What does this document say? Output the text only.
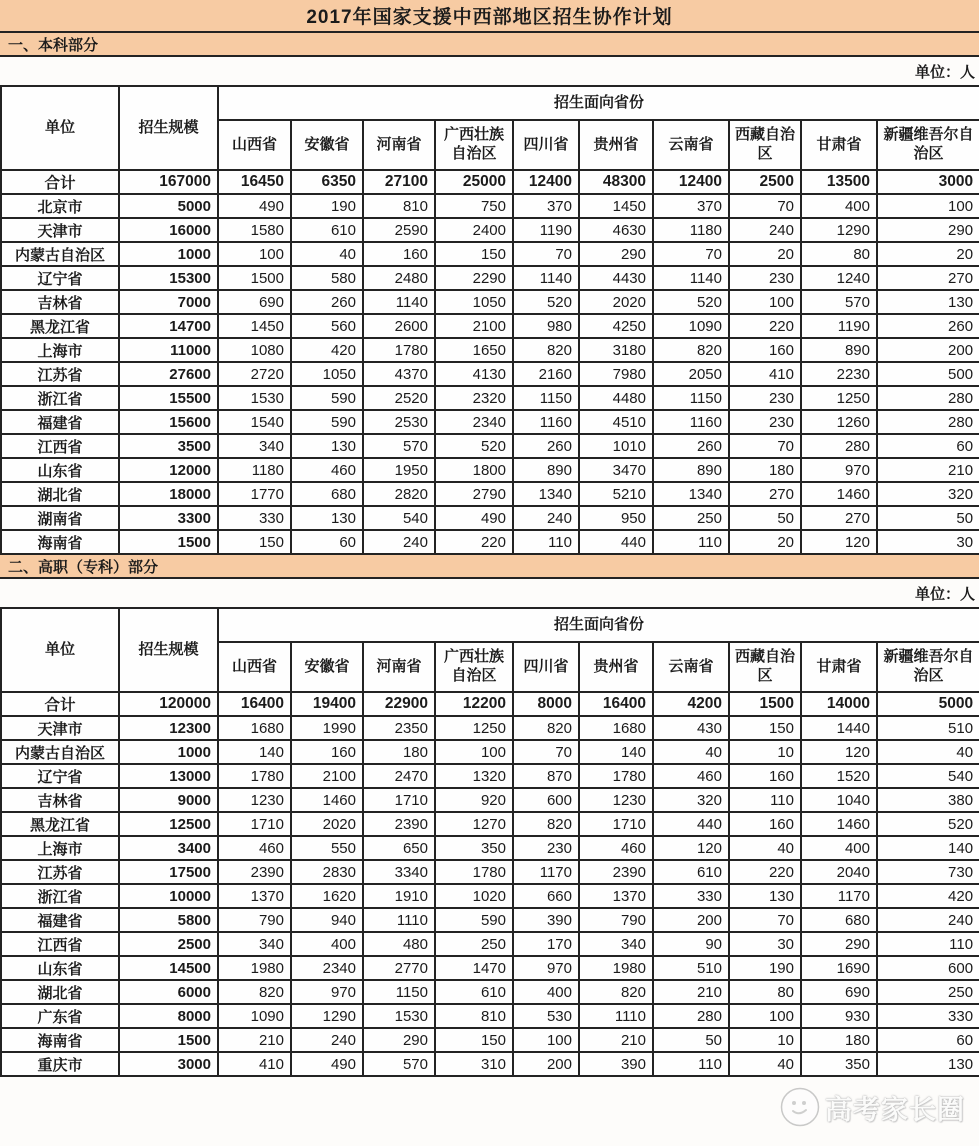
2017年国家支援中西部地区招生协作计划
一、本科部分
单位：人
单位	招生规模	招生面向省份									
		山西省	安徽省	河南省	广西壮族自治区	四川省	贵州省	云南省	西藏自治区	甘肃省	新疆维吾尔自治区
合计	167000	16450	6350	27100	25000	12400	48300	12400	2500	13500	3000
北京市	5000	490	190	810	750	370	1450	370	70	400	100
天津市	16000	1580	610	2590	2400	1190	4630	1180	240	1290	290
内蒙古自治区	1000	100	40	160	150	70	290	70	20	80	20
辽宁省	15300	1500	580	2480	2290	1140	4430	1140	230	1240	270
吉林省	7000	690	260	1140	1050	520	2020	520	100	570	130
黑龙江省	14700	1450	560	2600	2100	980	4250	1090	220	1190	260
上海市	11000	1080	420	1780	1650	820	3180	820	160	890	200
江苏省	27600	2720	1050	4370	4130	2160	7980	2050	410	2230	500
浙江省	15500	1530	590	2520	2320	1150	4480	1150	230	1250	280
福建省	15600	1540	590	2530	2340	1160	4510	1160	230	1260	280
江西省	3500	340	130	570	520	260	1010	260	70	280	60
山东省	12000	1180	460	1950	1800	890	3470	890	180	970	210
湖北省	18000	1770	680	2820	2790	1340	5210	1340	270	1460	320
湖南省	3300	330	130	540	490	240	950	250	50	270	50
海南省	1500	150	60	240	220	110	440	110	20	120	30
二、高职（专科）部分
单位：人
单位	招生规模	招生面向省份									
		山西省	安徽省	河南省	广西壮族自治区	四川省	贵州省	云南省	西藏自治区	甘肃省	新疆维吾尔自治区
合计	120000	16400	19400	22900	12200	8000	16400	4200	1500	14000	5000
天津市	12300	1680	1990	2350	1250	820	1680	430	150	1440	510
内蒙古自治区	1000	140	160	180	100	70	140	40	10	120	40
辽宁省	13000	1780	2100	2470	1320	870	1780	460	160	1520	540
吉林省	9000	1230	1460	1710	920	600	1230	320	110	1040	380
黑龙江省	12500	1710	2020	2390	1270	820	1710	440	160	1460	520
上海市	3400	460	550	650	350	230	460	120	40	400	140
江苏省	17500	2390	2830	3340	1780	1170	2390	610	220	2040	730
浙江省	10000	1370	1620	1910	1020	660	1370	330	130	1170	420
福建省	5800	790	940	1110	590	390	790	200	70	680	240
江西省	2500	340	400	480	250	170	340	90	30	290	110
山东省	14500	1980	2340	2770	1470	970	1980	510	190	1690	600
湖北省	6000	820	970	1150	610	400	820	210	80	690	250
广东省	8000	1090	1290	1530	810	530	1110	280	100	930	330
海南省	1500	210	240	290	150	100	210	50	10	180	60
重庆市	3000	410	490	570	310	200	390	110	40	350	130
高考家长圈
